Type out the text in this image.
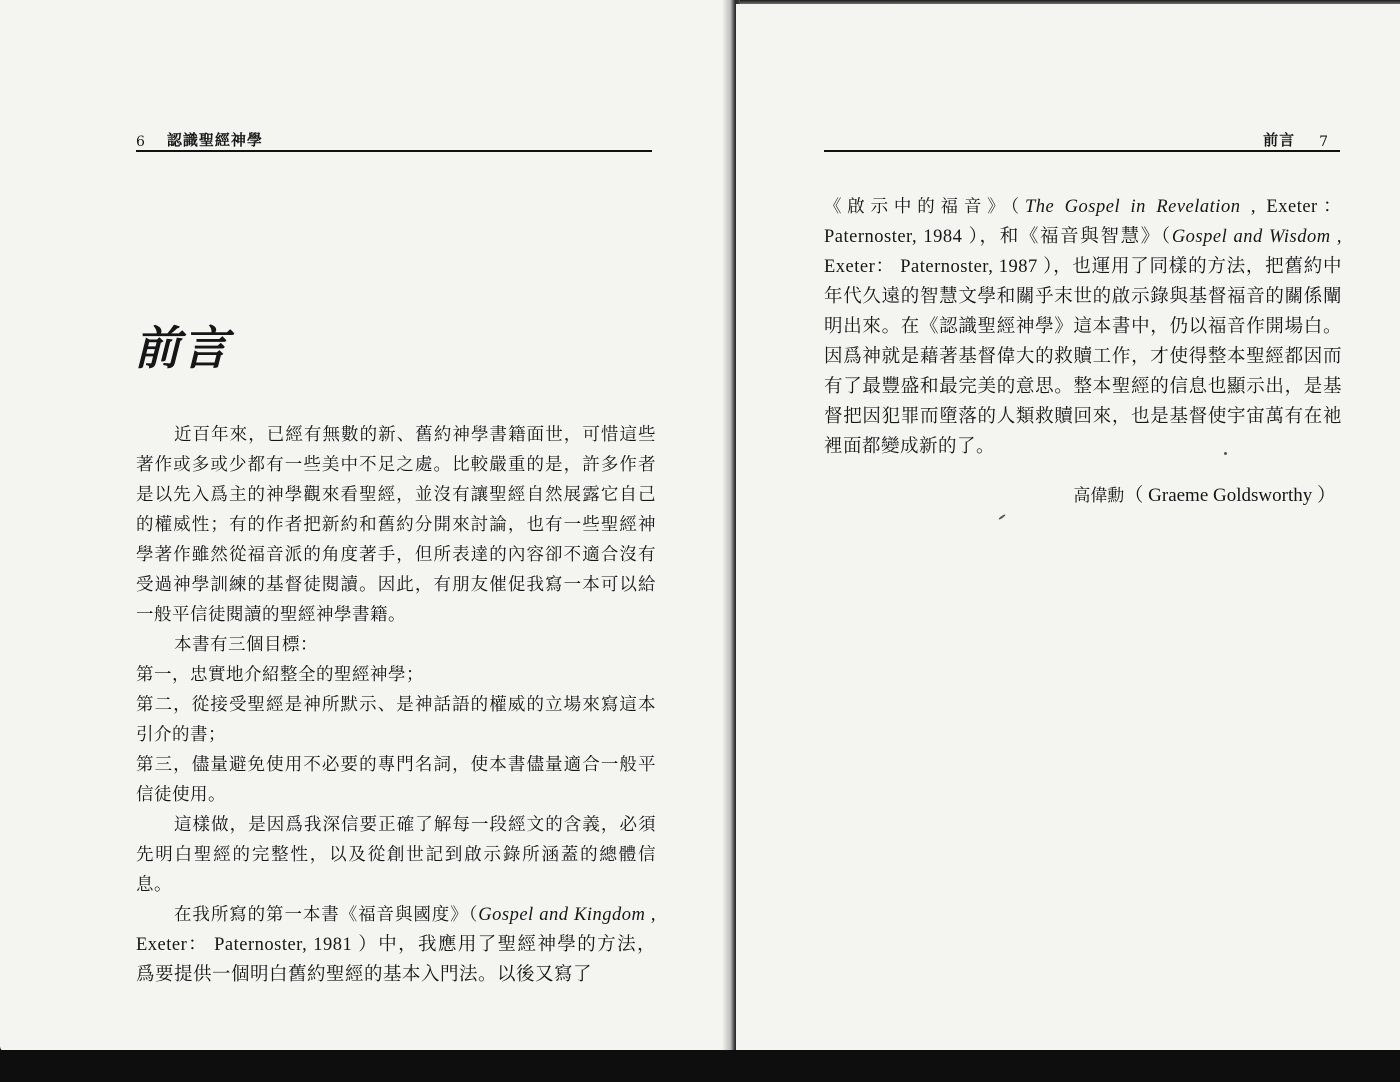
6 認識聖經神學
前言

近百年來，已經有無數的新、舊約神學書籍面世，可惜這些著作或多或少都有一些美中不足之處。比較嚴重的是，許多作者是以先入爲主的神學觀來看聖經，並沒有讓聖經自然展露它自己的權威性；有的作者把新約和舊約分開來討論，也有一些聖經神學著作雖然從福音派的角度著手，但所表達的內容卻不適合沒有受過神學訓練的基督徒閱讀。因此，有朋友催促我寫一本可以給一般平信徒閱讀的聖經神學書籍。

本書有三個目標：

第一，忠實地介紹整全的聖經神學；

第二，從接受聖經是神所默示、是神話語的權威的立場來寫這本引介的書；

第三，儘量避免使用不必要的專門名詞，使本書儘量適合一般平信徒使用。

這樣做，是因爲我深信要正確了解每一段經文的含義，必須先明白聖經的完整性，以及從創世記到啟示錄所涵蓋的總體信息。

在我所寫的第一本書《福音與國度》（Gospel and Kingdom , Exeter： Paternoster, 1981 ）中，我應用了聖經神學的方法，爲要提供一個明白舊約聖經的基本入門法。以後又寫了

前言 7

《啟示中的福音》（The Gospel in Revelation , Exeter： Paternoster, 1984 ），和《福音與智慧》（Gospel and Wisdom , Exeter： Paternoster, 1987 ），也運用了同樣的方法，把舊約中年代久遠的智慧文學和關乎末世的啟示錄與基督福音的關係闡明出來。在《認識聖經神學》這本書中，仍以福音作開場白。因爲神就是藉著基督偉大的救贖工作，才使得整本聖經都因而有了最豐盛和最完美的意思。整本聖經的信息也顯示出，是基督把因犯罪而墮落的人類救贖回來，也是基督使宇宙萬有在祂裡面都變成新的了。

高偉勳（ Graeme Goldsworthy ）
